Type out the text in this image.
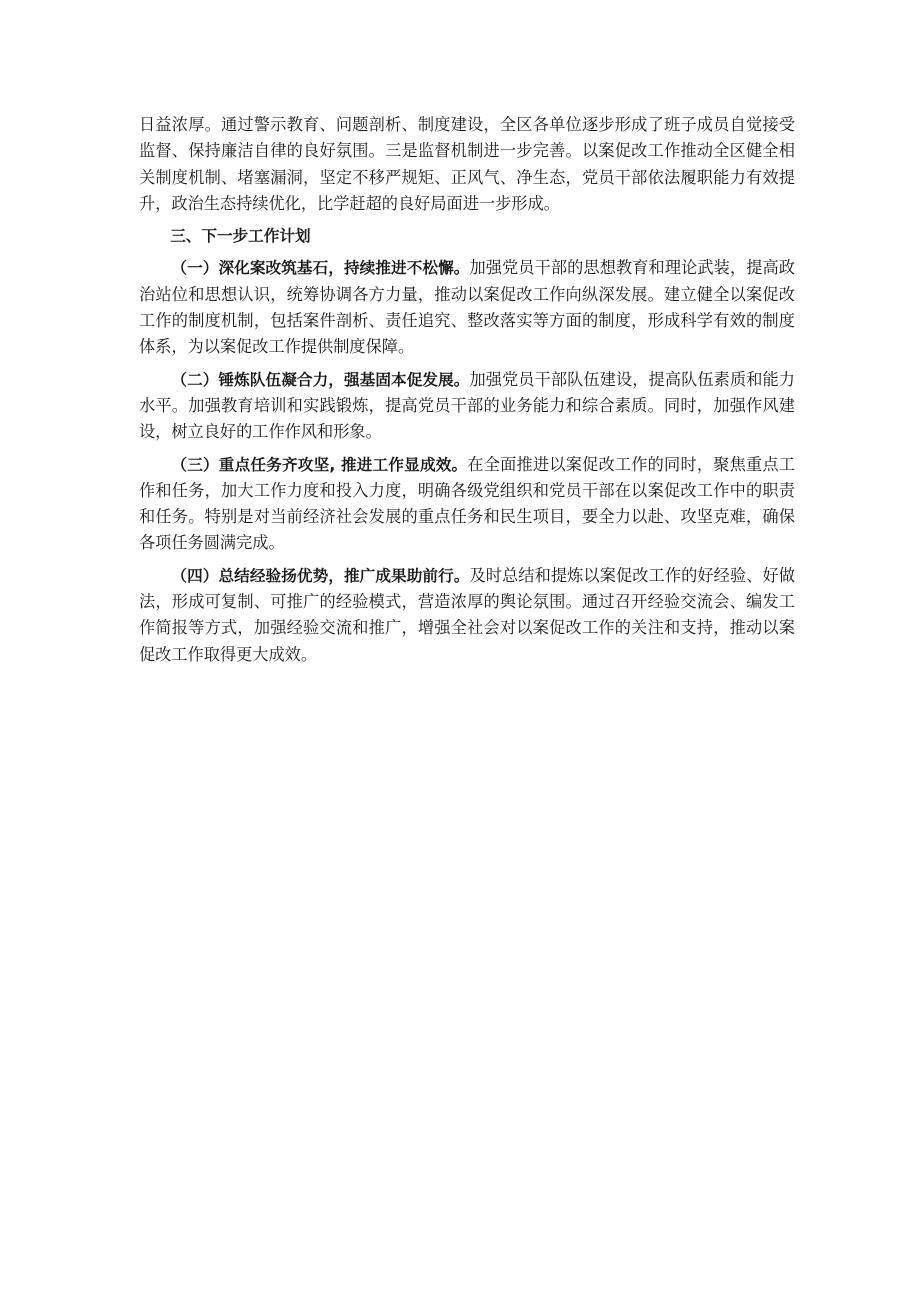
日益浓厚。通过警示教育、问题剖析、制度建设，全区各单位逐步形成了班子成员自觉接受监督、保持廉洁自律的良好氛围。三是监督机制进一步完善。以案促改工作推动全区健全相关制度机制、堵塞漏洞，坚定不移严规矩、正风气、净生态，党员干部依法履职能力有效提升，政治生态持续优化，比学赶超的良好局面进一步形成。

三、下一步工作计划

（一）深化案改筑基石，持续推进不松懈。加强党员干部的思想教育和理论武装，提高政治站位和思想认识，统筹协调各方力量，推动以案促改工作向纵深发展。建立健全以案促改工作的制度机制，包括案件剖析、责任追究、整改落实等方面的制度，形成科学有效的制度体系，为以案促改工作提供制度保障。

（二）锤炼队伍凝合力，强基固本促发展。加强党员干部队伍建设，提高队伍素质和能力水平。加强教育培训和实践锻炼，提高党员干部的业务能力和综合素质。同时，加强作风建设，树立良好的工作作风和形象。

（三）重点任务齐攻坚, 推进工作显成效。在全面推进以案促改工作的同时，聚焦重点工作和任务，加大工作力度和投入力度，明确各级党组织和党员干部在以案促改工作中的职责和任务。特别是对当前经济社会发展的重点任务和民生项目，要全力以赴、攻坚克难，确保各项任务圆满完成。

（四）总结经验扬优势，推广成果助前行。及时总结和提炼以案促改工作的好经验、好做法，形成可复制、可推广的经验模式，营造浓厚的舆论氛围。通过召开经验交流会、编发工作简报等方式，加强经验交流和推广，增强全社会对以案促改工作的关注和支持，推动以案促改工作取得更大成效。
